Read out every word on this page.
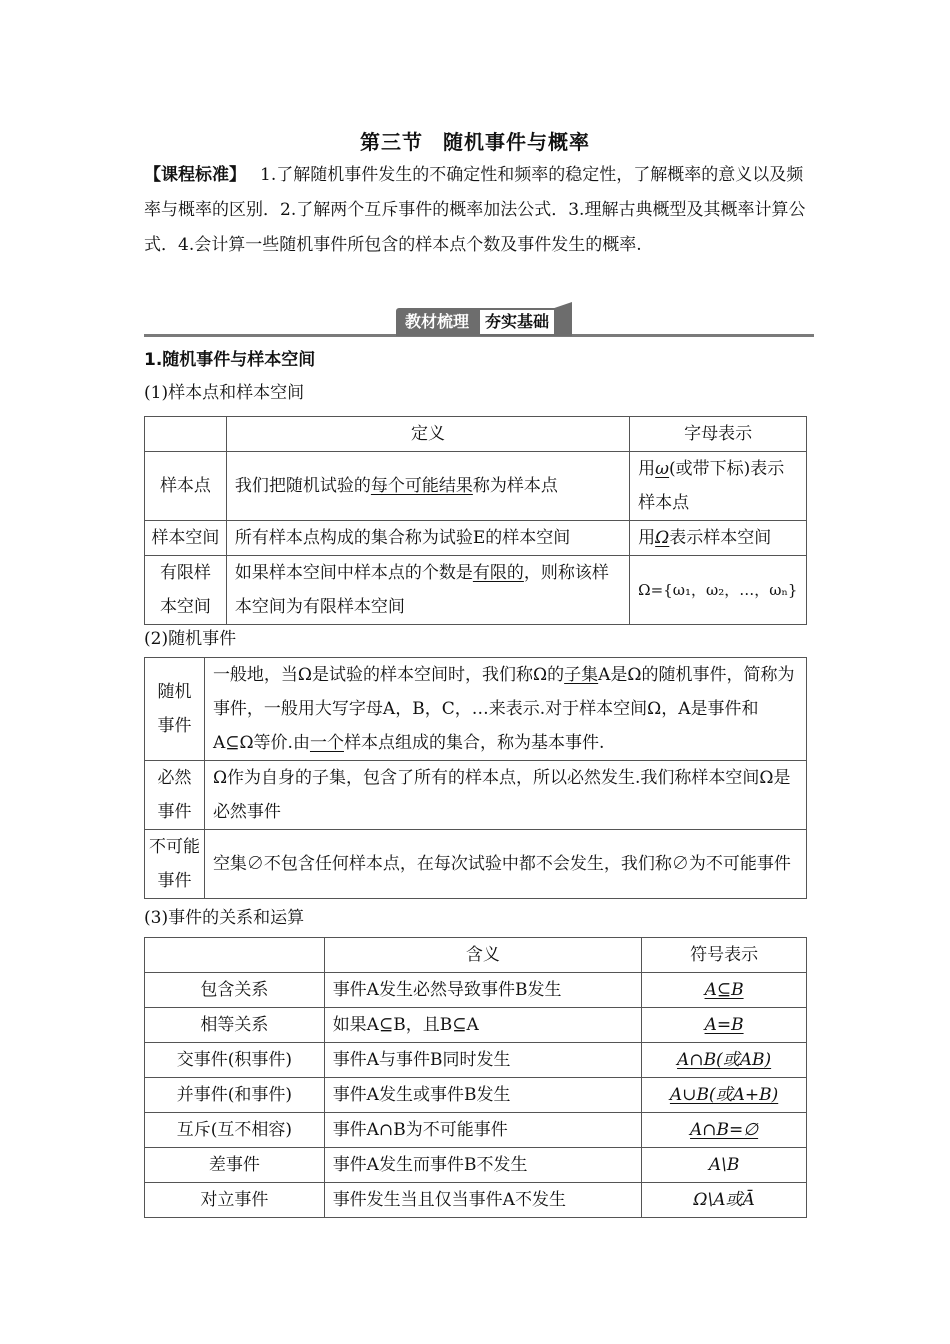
第三节 随机事件与概率
【课程标准】 1.了解随机事件发生的不确定性和频率的稳定性，了解概率的意义以及频率与概率的区别．2.了解两个互斥事件的概率加法公式．3.理解古典概型及其概率计算公式．4.会计算一些随机事件所包含的样本点个数及事件发生的概率.
教材梳理 夯实基础
1.随机事件与样本空间
(1)样本点和样本空间
	定义	字母表示
样本点	我们把随机试验的每个可能结果称为样本点	用ω(或带下标)表示样本点
样本空间	所有样本点构成的集合称为试验E的样本空间	用Ω表示样本空间
有限样本空间	如果样本空间中样本点的个数是有限的，则称该样本空间为有限样本空间	Ω={ω₁，ω₂，…，ωₙ}
(2)随机事件
随机事件	一般地，当Ω是试验的样本空间时，我们称Ω的子集A是Ω的随机事件，简称为事件，一般用大写字母A，B，C，…来表示.对于样本空间Ω，A是事件和A⊆Ω等价.由一个样本点组成的集合，称为基本事件.
必然事件	Ω作为自身的子集，包含了所有的样本点，所以必然发生.我们称样本空间Ω是必然事件
不可能事件	空集∅不包含任何样本点，在每次试验中都不会发生，我们称∅为不可能事件
(3)事件的关系和运算
	含义	符号表示
包含关系	事件A发生必然导致事件B发生	A⊆B
相等关系	如果A⊆B，且B⊆A	A=B
交事件(积事件)	事件A与事件B同时发生	A∩B(或AB)
并事件(和事件)	事件A发生或事件B发生	A∪B(或A+B)
互斥(互不相容)	事件A∩B为不可能事件	A∩B=∅
差事件	事件A发生而事件B不发生	A\B
对立事件	事件发生当且仅当事件A不发生	Ω\A或Ā
